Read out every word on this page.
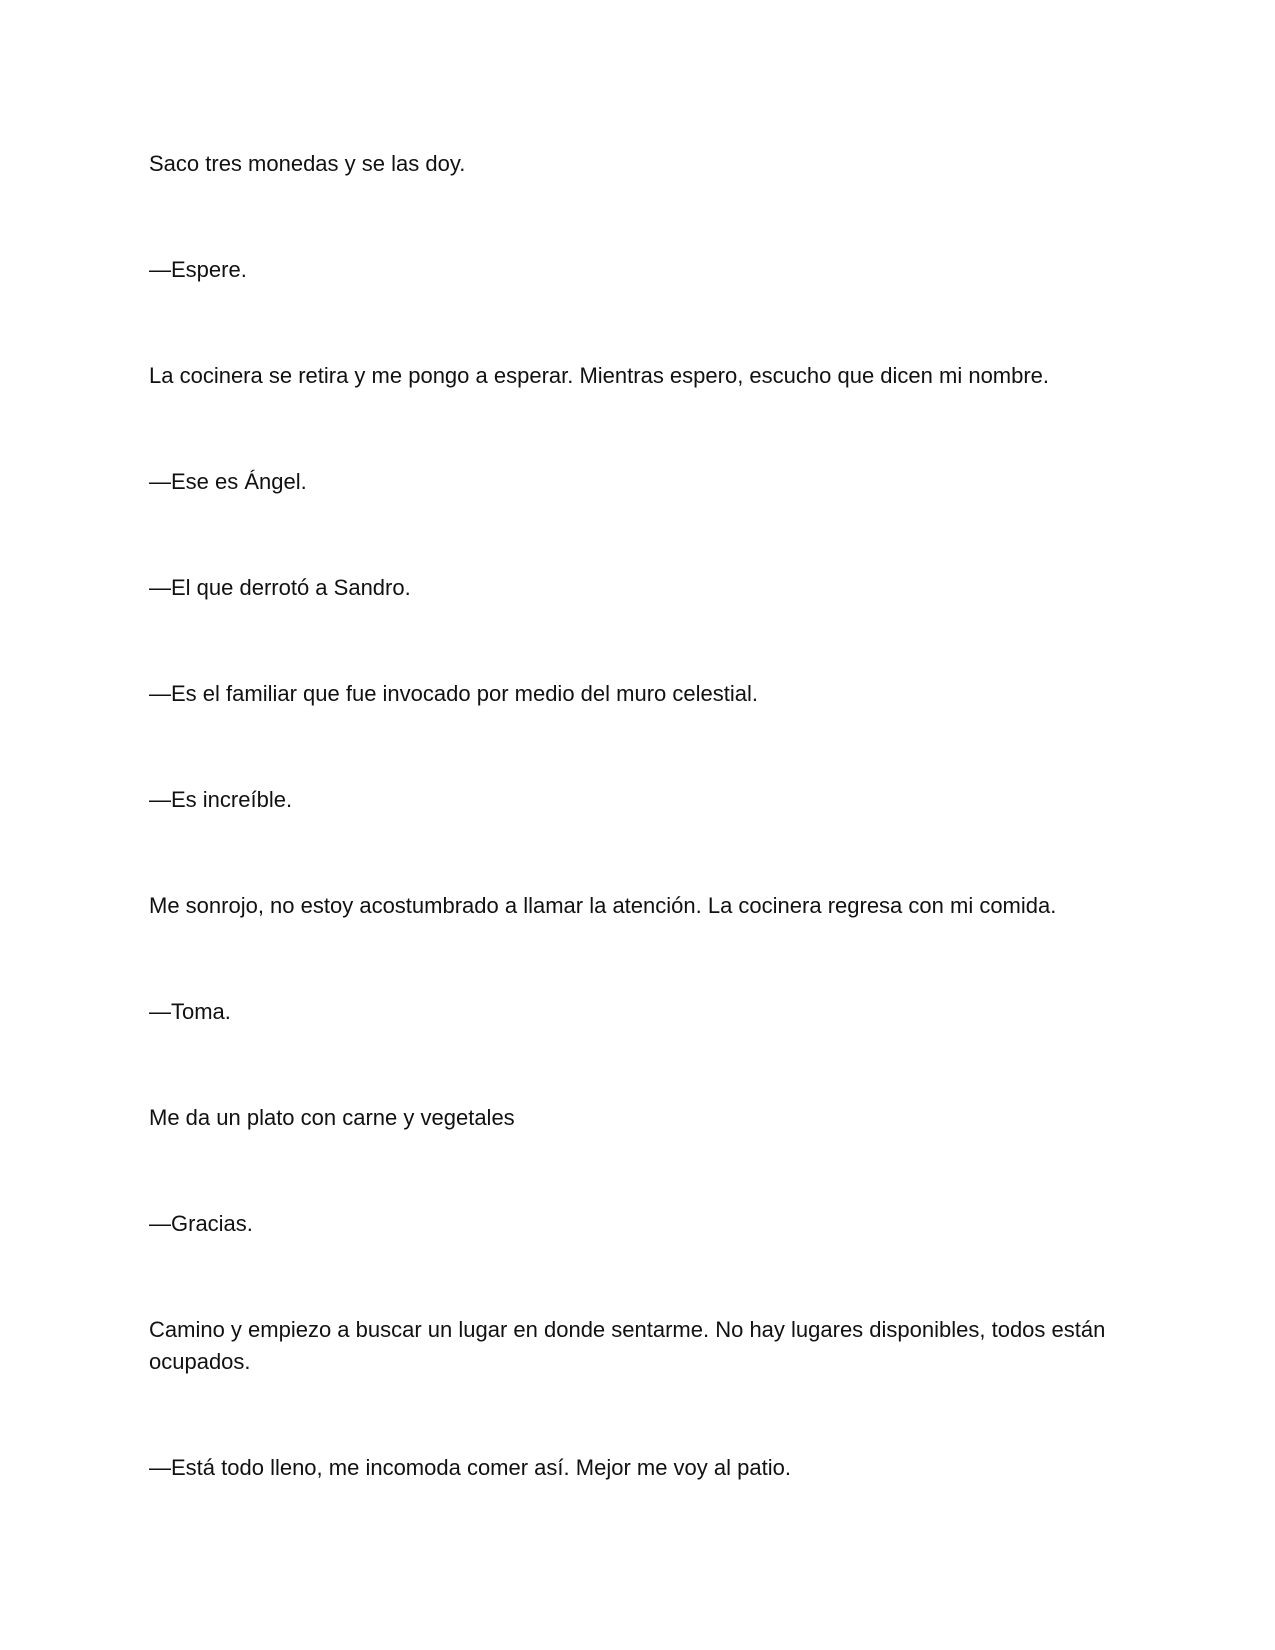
Saco tres monedas y se las doy.

—Espere.

La cocinera se retira y me pongo a esperar. Mientras espero, escucho que dicen mi nombre.

—Ese es Ángel.

—El que derrotó a Sandro.

—Es el familiar que fue invocado por medio del muro celestial.

—Es increíble.

Me sonrojo, no estoy acostumbrado a llamar la atención. La cocinera regresa con mi comida.

—Toma.

Me da un plato con carne y vegetales

—Gracias.

Camino y empiezo a buscar un lugar en donde sentarme. No hay lugares disponibles, todos están ocupados.

—Está todo lleno, me incomoda comer así. Mejor me voy al patio.
